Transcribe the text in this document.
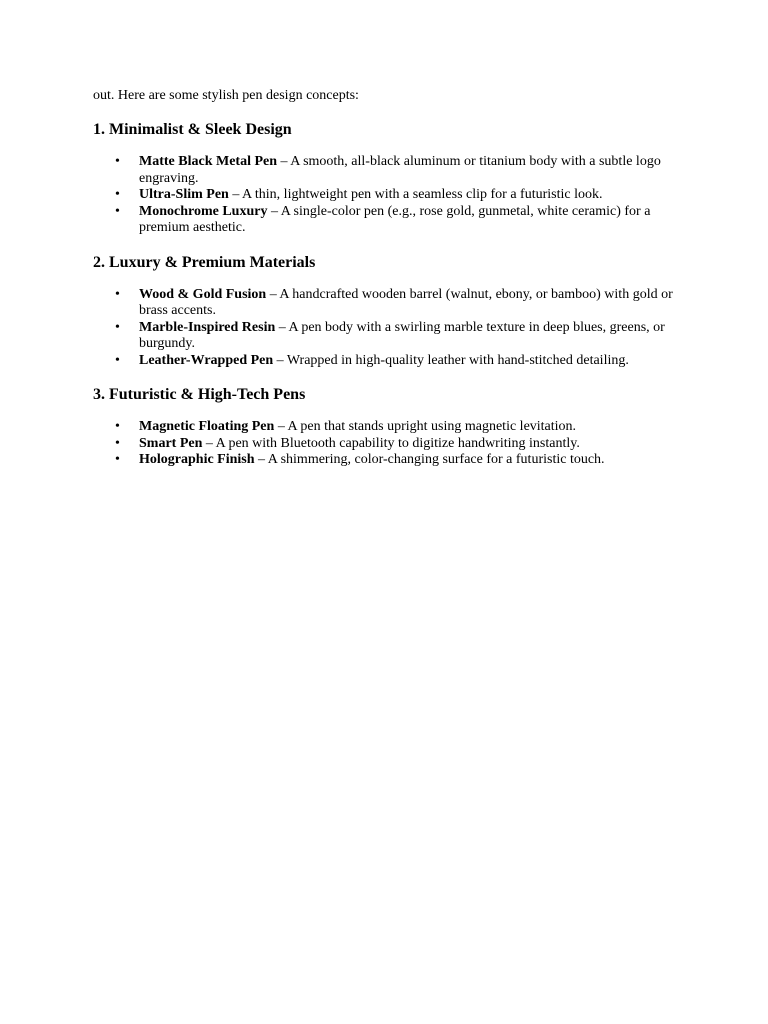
out. Here are some stylish pen design concepts:

1. Minimalist & Sleek Design
• Matte Black Metal Pen – A smooth, all-black aluminum or titanium body with a subtle logo engraving.
• Ultra-Slim Pen – A thin, lightweight pen with a seamless clip for a futuristic look.
• Monochrome Luxury – A single-color pen (e.g., rose gold, gunmetal, white ceramic) for a premium aesthetic.
2. Luxury & Premium Materials
• Wood & Gold Fusion – A handcrafted wooden barrel (walnut, ebony, or bamboo) with gold or brass accents.
• Marble-Inspired Resin – A pen body with a swirling marble texture in deep blues, greens, or burgundy.
• Leather-Wrapped Pen – Wrapped in high-quality leather with hand-stitched detailing.
3. Futuristic & High-Tech Pens
• Magnetic Floating Pen – A pen that stands upright using magnetic levitation.
• Smart Pen – A pen with Bluetooth capability to digitize handwriting instantly.
• Holographic Finish – A shimmering, color-changing surface for a futuristic touch.
